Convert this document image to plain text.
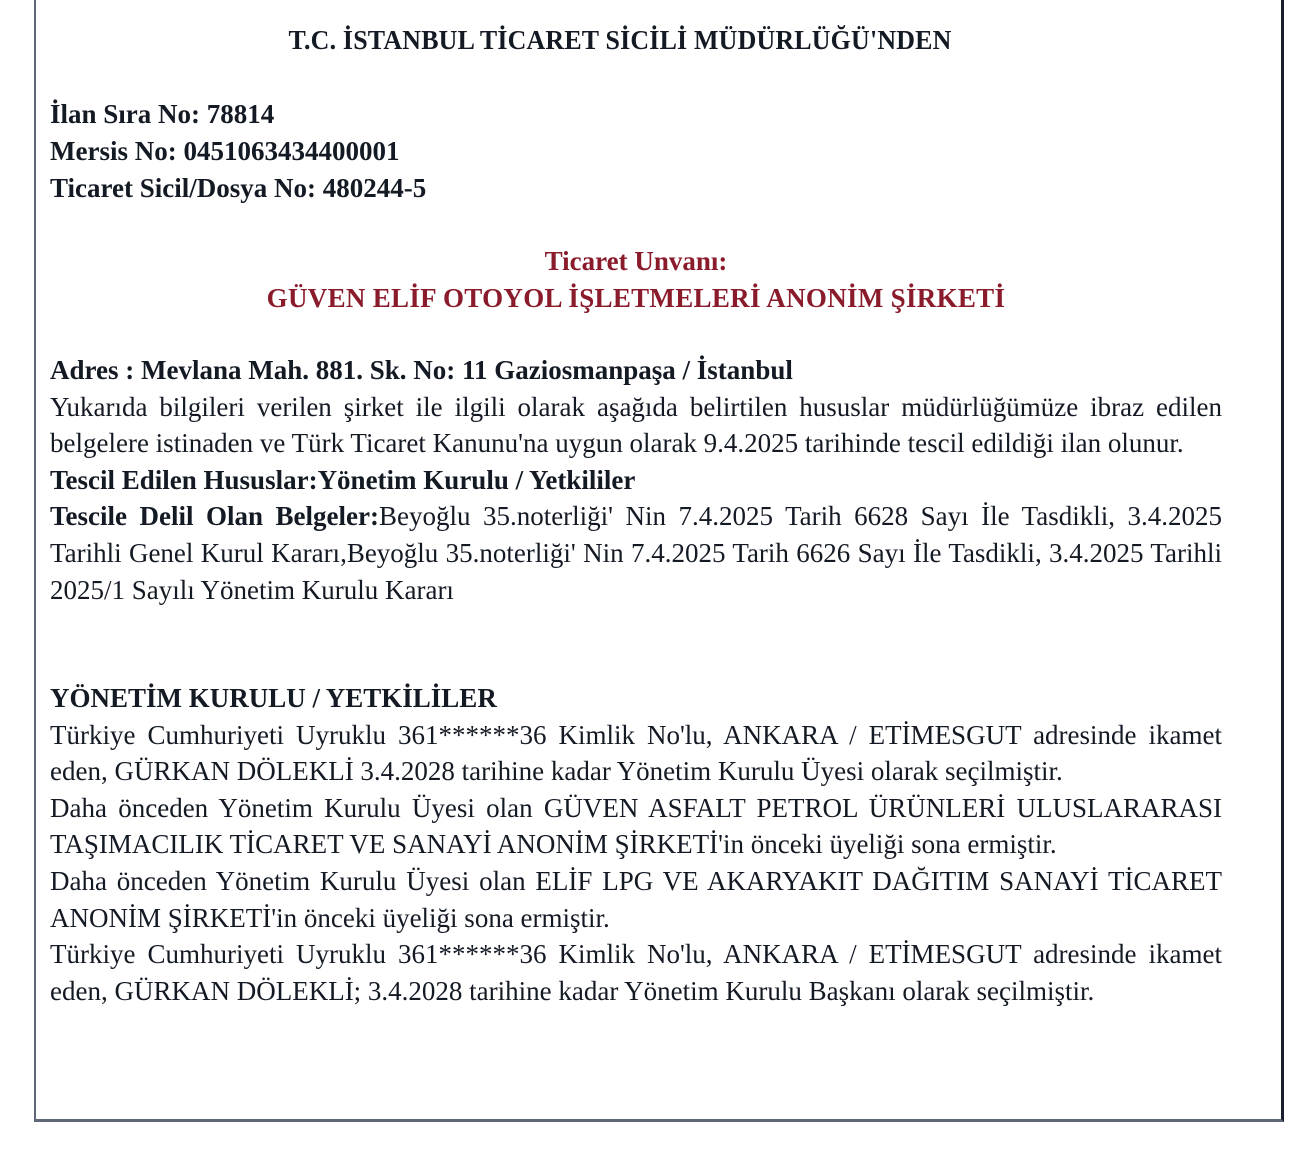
T.C. İSTANBUL TİCARET SİCİLİ MÜDÜRLÜĞÜ'NDEN
İlan Sıra No: 78814
Mersis No: 0451063434400001
Ticaret Sicil/Dosya No: 480244-5
Ticaret Unvanı:
GÜVEN ELİF OTOYOL İŞLETMELERİ ANONİM ŞİRKETİ

Adres : Mevlana Mah. 881. Sk. No: 11 Gaziosmanpaşa / İstanbul

Yukarıda bilgileri verilen şirket ile ilgili olarak aşağıda belirtilen hususlar müdürlüğümüze ibraz edilen belgelere istinaden ve Türk Ticaret Kanunu'na uygun olarak 9.4.2025 tarihinde tescil edildiği ilan olunur.

Tescil Edilen Hususlar:Yönetim Kurulu / Yetkililer

Tescile Delil Olan Belgeler:Beyoğlu 35.noterliği' Nin 7.4.2025 Tarih 6628 Sayı İle Tasdikli, 3.4.2025 Tarihli Genel Kurul Kararı,Beyoğlu 35.noterliği' Nin 7.4.2025 Tarih 6626 Sayı İle Tasdikli, 3.4.2025 Tarihli 2025/1 Sayılı Yönetim Kurulu Kararı

YÖNETİM KURULU / YETKİLİLER

Türkiye Cumhuriyeti Uyruklu 361******36 Kimlik No'lu, ANKARA / ETİMESGUT adresinde ikamet eden, GÜRKAN DÖLEKLİ 3.4.2028 tarihine kadar Yönetim Kurulu Üyesi olarak seçilmiştir.

Daha önceden Yönetim Kurulu Üyesi olan GÜVEN ASFALT PETROL ÜRÜNLERİ ULUSLARARASI TAŞIMACILIK TİCARET VE SANAYİ ANONİM ŞİRKETİ'in önceki üyeliği sona ermiştir.

Daha önceden Yönetim Kurulu Üyesi olan ELİF LPG VE AKARYAKIT DAĞITIM SANAYİ TİCARET ANONİM ŞİRKETİ'in önceki üyeliği sona ermiştir.

Türkiye Cumhuriyeti Uyruklu 361******36 Kimlik No'lu, ANKARA / ETİMESGUT adresinde ikamet eden, GÜRKAN DÖLEKLİ; 3.4.2028 tarihine kadar Yönetim Kurulu Başkanı olarak seçilmiştir.
